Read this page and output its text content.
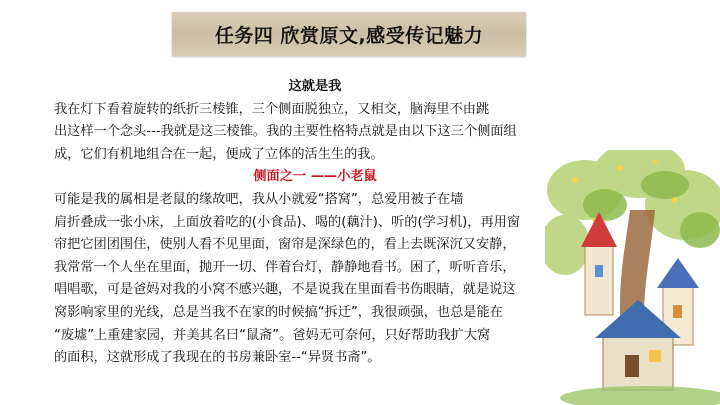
任务四 欣赏原文,感受传记魅力
这就是我
我在灯下看着旋转的纸折三棱锥，三个侧面脱独立，又相交，脑海里不由跳
出这样一个念头---我就是这三棱锥。我的主要性格特点就是由以下这三个侧面组
成，它们有机地组合在一起，便成了立体的活生生的我。
侧面之一 ——小老鼠
可能是我的属相是老鼠的缘故吧，我从小就爱“搭窝”，总爱用被子在墙
肩折叠成一张小床，上面放着吃的(小食品)、喝的(藕汁)、听的(学习机)，再用窗
帘把它团团围住，使别人看不见里面，窗帘是深绿色的，看上去既深沉又安静，
我常常一个人坐在里面，抛开一切、伴着台灯，静静地看书。困了，听听音乐，
唱唱歌，可是爸妈对我的小窝不感兴趣，不是说我在里面看书伤眼睛，就是说这
窝影响家里的光线，总是当我不在家的时候搞“拆迁”，我很顽强，也总是能在
“废墟”上重建家园，并美其名曰“鼠斋”。爸妈无可奈何，只好帮助我扩大窝
的面积，这就形成了我现在的书房兼卧室--“异贤书斋”。
